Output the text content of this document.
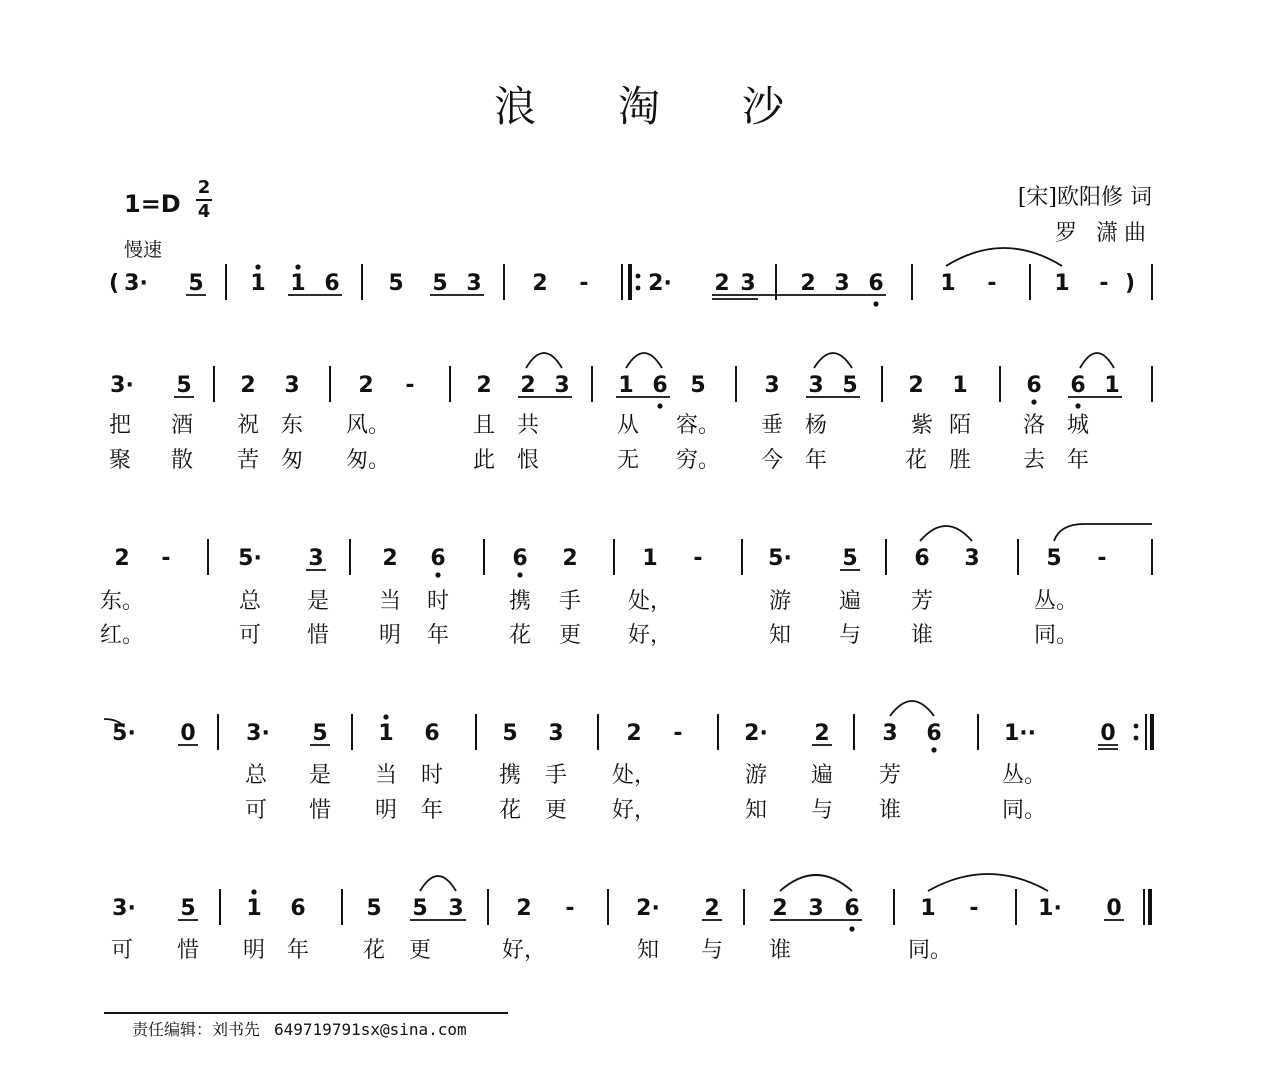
浪 淘 沙
1=D
2
4
慢速
[宋]欧阳修 词
罗 潇曲
( 3· 5 1 1 6 5 5 3 2 -	2· 2 3 2 3 6	1 -	1 - )
3· 5 2 3	2 -	2 2 3 1 6 5	3 3 5 2 1	6 6 1
把 酒 祝 东 风。	且 共	从 容。 垂 杨	紫 陌 洛 城
聚 散 苦 匆 匆。	此 恨	无 穷。 今 年	花 胜 去 年
2 -	5· 3	2 6	6 2	1 -	5· 5	6 3	5 -
东。	总 是 当 时	携 手 处，	游 遍 芳	丛。
红。	可 惜 明 年	花 更 好，	知 与 谁	同。
5· 0 3· 5 1 6	5 3	2 -	2· 2 3 6	1··	0
总 是 当 时	携 手 处，	游 遍 芳	丛。
可 惜 明 年	花 更 好，	知 与 谁	同。
3· 5 1 6	5 5 3 2 -	2· 2 2 3 6	1 -	1· 0
可 惜 明 年 花 更	好，	知 与 谁	同。
责任编辑：刘书先 649719791sx@sina.com
